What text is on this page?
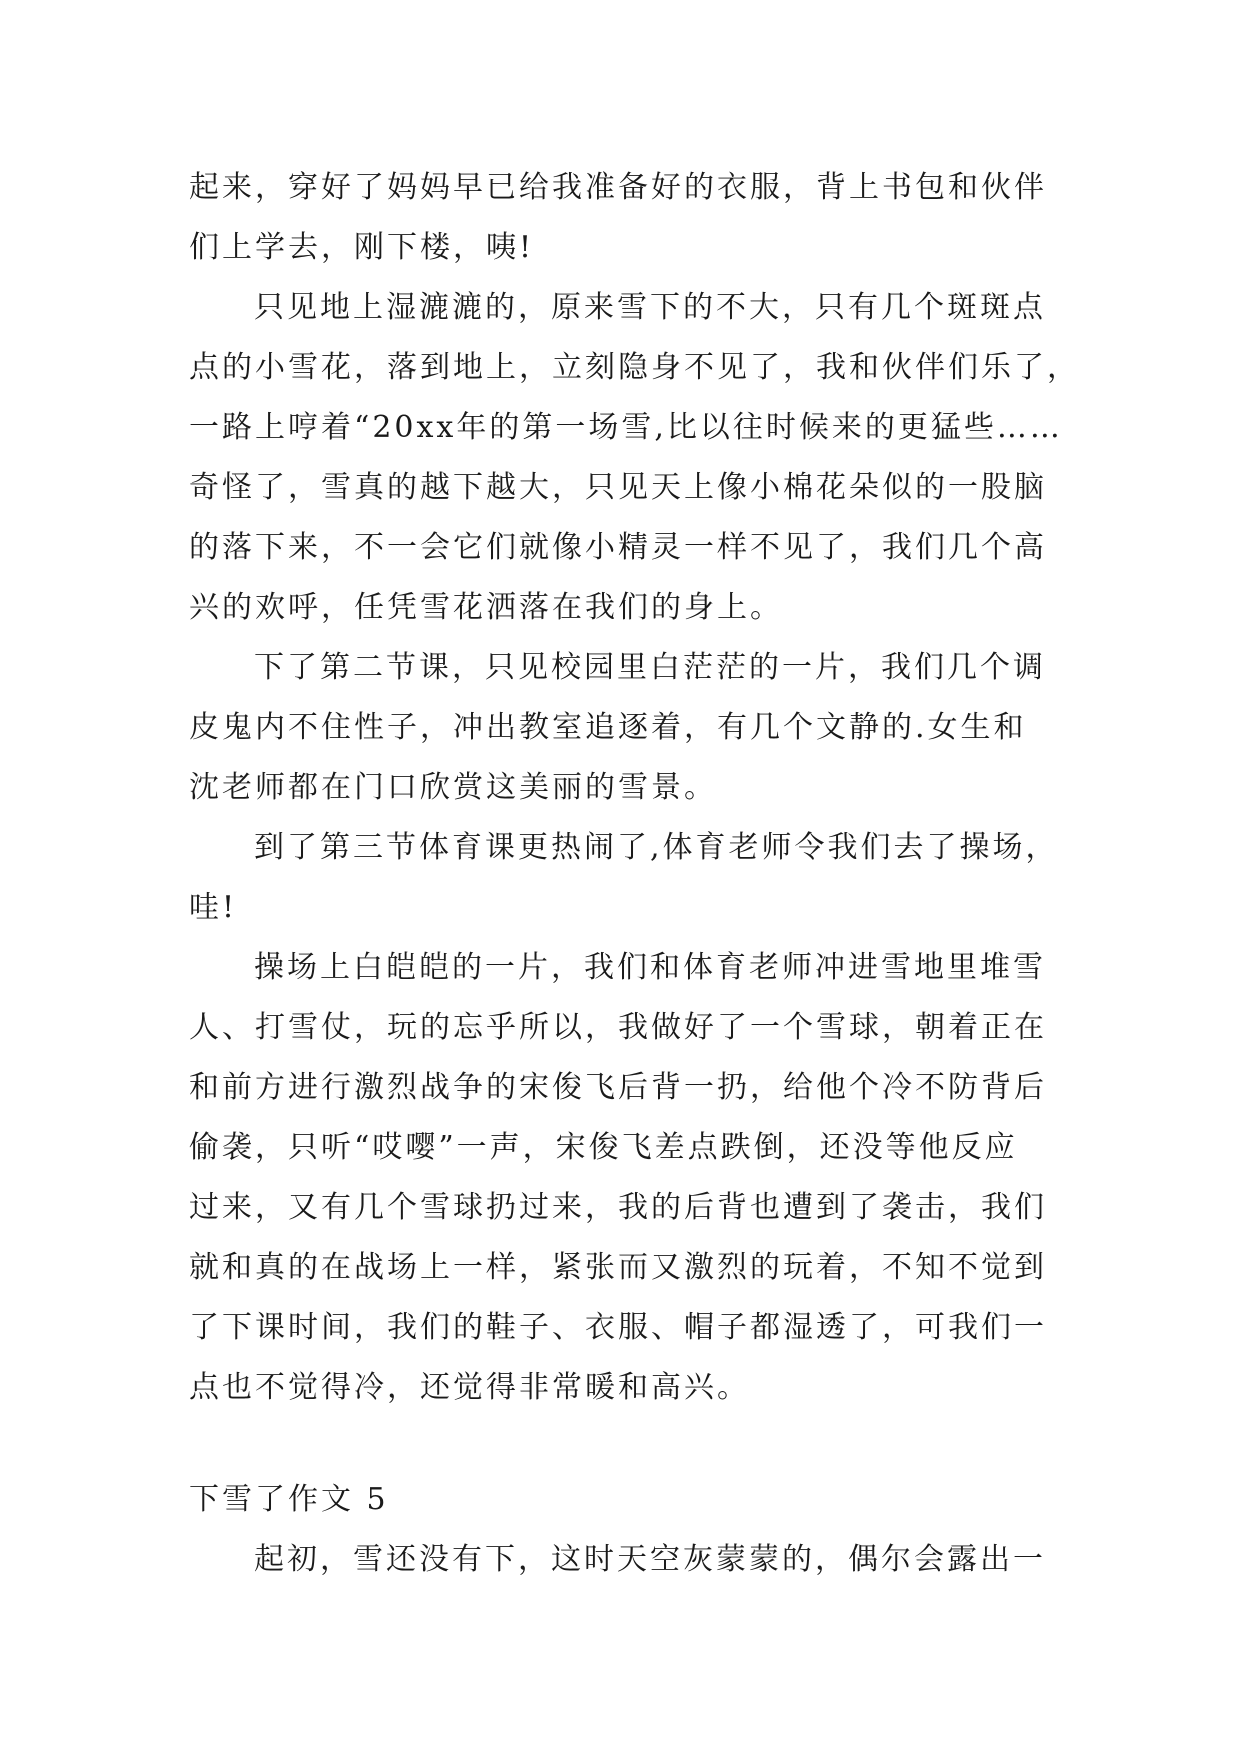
起来，穿好了妈妈早已给我准备好的衣服，背上书包和伙伴
们上学去，刚下楼，咦!
只见地上湿漉漉的，原来雪下的不大，只有几个斑斑点
点的小雪花，落到地上，立刻隐身不见了，我和伙伴们乐了，
一路上哼着“20xx年的第一场雪,比以往时候来的更猛些……
奇怪了，雪真的越下越大，只见天上像小棉花朵似的一股脑
的落下来，不一会它们就像小精灵一样不见了，我们几个高
兴的欢呼，任凭雪花洒落在我们的身上。
下了第二节课，只见校园里白茫茫的一片，我们几个调
皮鬼内不住性子，冲出教室追逐着，有几个文静的.女生和
沈老师都在门口欣赏这美丽的雪景。
到了第三节体育课更热闹了,体育老师令我们去了操场，
哇!
操场上白皑皑的一片，我们和体育老师冲进雪地里堆雪
人、打雪仗，玩的忘乎所以，我做好了一个雪球，朝着正在
和前方进行激烈战争的宋俊飞后背一扔，给他个冷不防背后
偷袭，只听“哎嘤”一声，宋俊飞差点跌倒，还没等他反应
过来，又有几个雪球扔过来，我的后背也遭到了袭击，我们
就和真的在战场上一样，紧张而又激烈的玩着，不知不觉到
了下课时间，我们的鞋子、衣服、帽子都湿透了，可我们一
点也不觉得冷，还觉得非常暖和高兴。
下雪了作文 5
起初，雪还没有下，这时天空灰蒙蒙的，偶尔会露出一
